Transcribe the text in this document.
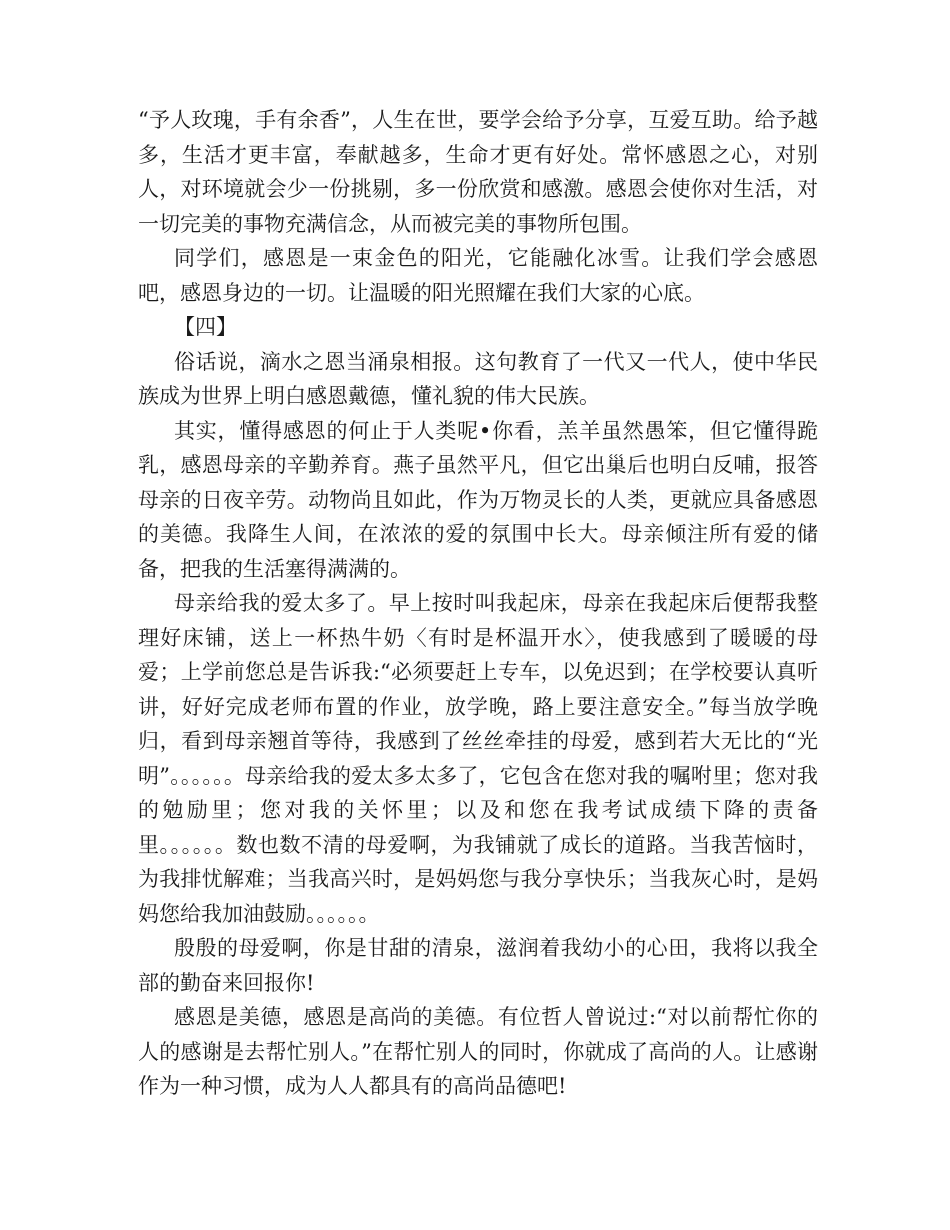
“予人玫瑰，手有余香”，人生在世，要学会给予分享，互爱互助。给予越多，生活才更丰富，奉献越多，生命才更有好处。常怀感恩之心，对别人，对环境就会少一份挑剔，多一份欣赏和感激。感恩会使你对生活，对一切完美的事物充满信念，从而被完美的事物所包围。

同学们，感恩是一束金色的阳光，它能融化冰雪。让我们学会感恩吧，感恩身边的一切。让温暖的阳光照耀在我们大家的心底。

【四】

俗话说，滴水之恩当涌泉相报。这句教育了一代又一代人，使中华民族成为世界上明白感恩戴德，懂礼貌的伟大民族。

其实，懂得感恩的何止于人类呢•你看，羔羊虽然愚笨，但它懂得跪乳，感恩母亲的辛勤养育。燕子虽然平凡，但它出巢后也明白反哺，报答母亲的日夜辛劳。动物尚且如此，作为万物灵长的人类，更就应具备感恩的美德。我降生人间，在浓浓的爱的氛围中长大。母亲倾注所有爱的储备，把我的生活塞得满满的。

母亲给我的爱太多了。早上按时叫我起床，母亲在我起床后便帮我整理好床铺，送上一杯热牛奶〈有时是杯温开水〉，使我感到了暖暖的母爱；上学前您总是告诉我:“必须要赶上专车，以免迟到；在学校要认真听讲，好好完成老师布置的作业，放学晚，路上要注意安全。”每当放学晚归，看到母亲翘首等待，我感到了丝丝牵挂的母爱，感到若大无比的“光明”。。。。。。母亲给我的爱太多太多了，它包含在您对我的嘱咐里；您对我的勉励里；您对我的关怀里；以及和您在我考试成绩下降的责备里。。。。。。数也数不清的母爱啊，为我铺就了成长的道路。当我苦恼时，为我排忧解难；当我高兴时，是妈妈您与我分享快乐；当我灰心时，是妈妈您给我加油鼓励。。。。。。

殷殷的母爱啊，你是甘甜的清泉，滋润着我幼小的心田，我将以我全部的勤奋来回报你!

感恩是美德，感恩是高尚的美德。有位哲人曾说过:“对以前帮忙你的人的感谢是去帮忙别人。”在帮忙别人的同时，你就成了高尚的人。让感谢作为一种习惯，成为人人都具有的高尚品德吧!
